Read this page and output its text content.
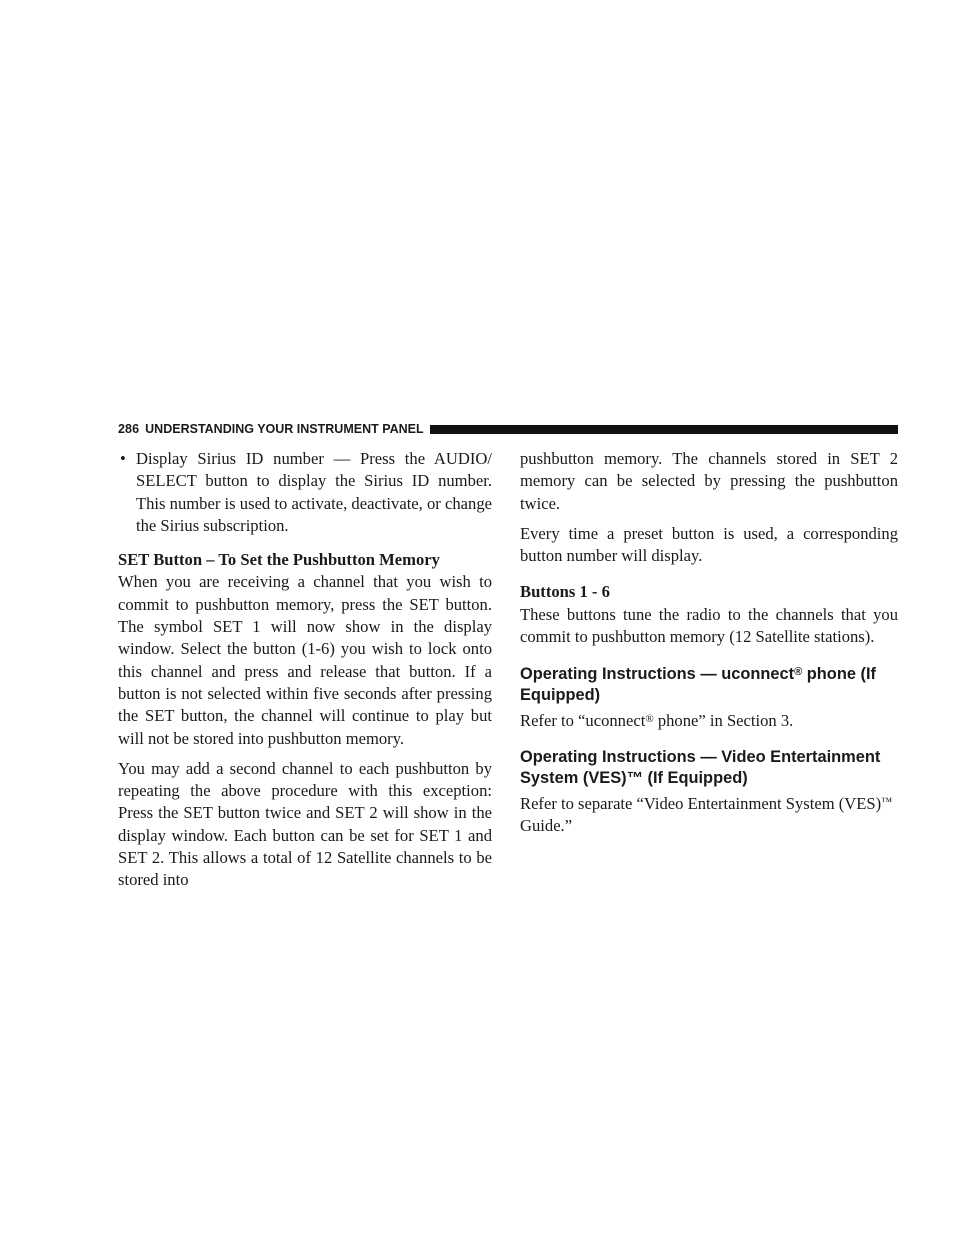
286 UNDERSTANDING YOUR INSTRUMENT PANEL
• Display Sirius ID number — Press the AUDIO/ SELECT button to display the Sirius ID number. This number is used to activate, deactivate, or change the Sirius subscription.

SET Button – To Set the Pushbutton Memory

When you are receiving a channel that you wish to commit to pushbutton memory, press the SET button. The symbol SET 1 will now show in the display window. Select the button (1-6) you wish to lock onto this channel and press and release that button. If a button is not selected within five seconds after pressing the SET button, the channel will continue to play but will not be stored into pushbutton memory.

You may add a second channel to each pushbutton by repeating the above procedure with this exception: Press the SET button twice and SET 2 will show in the display window. Each button can be set for SET 1 and SET 2. This allows a total of 12 Satellite channels to be stored into

pushbutton memory. The channels stored in SET 2 memory can be selected by pressing the pushbutton twice.

Every time a preset button is used, a corresponding button number will display.

Buttons 1 - 6

These buttons tune the radio to the channels that you commit to pushbutton memory (12 Satellite stations).

Operating Instructions — uconnect® phone (If Equipped)

Refer to “uconnect® phone” in Section 3.

Operating Instructions — Video Entertainment System (VES)™ (If Equipped)

Refer to separate “Video Entertainment System (VES)™ Guide.”
